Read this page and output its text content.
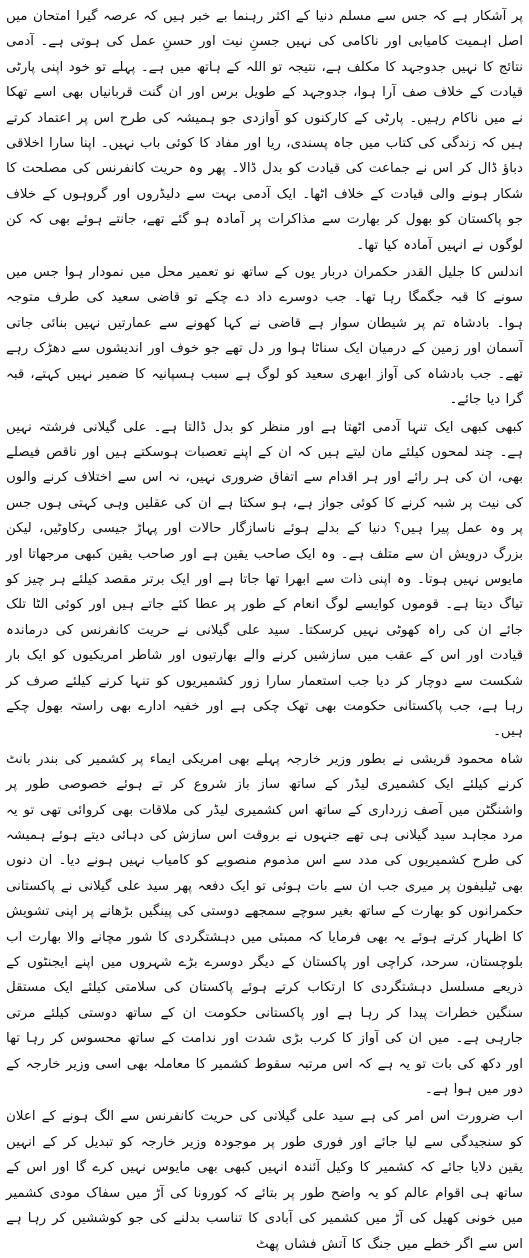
پر آشکار ہے کہ جس سے مسلم دنیا کے اکثر رہنما بے خبر ہیں کہ عرصہ گیرا امتحان میں اصل اہمیت کامیابی اور ناکامی کی نہیں جسنِ نیت اور حسنِ عمل کی ہوتی ہے۔ آدمی نتائج کا نہیں جدوجہد کا مکلف ہے، نتیجہ تو اللہ کے ہاتھ میں ہے۔ پہلے تو خود اپنی پارٹی قیادت کے خلاف صف آرا ہوا، جدوجہد کے طویل برس اور ان گنت قربانیاں بھی اسے تھکا نے میں ناکام رہیں۔ پارٹی کے کارکنوں کو آوازدی جو ہمیشہ کی طرح اس پر اعتماد کرتے ہیں کہ زندگی کی کتاب میں جاہ پسندی، ریا اور مفاد کا کوئی باب نہیں۔ اپنا سارا اخلاقی دباؤ ڈال کر اس نے جماعت کی قیادت کو بدل ڈالا۔ پھر وہ حریت کانفرنس کی مصلحت کا شکار ہونے والی قیادت کے خلاف اٹھا۔ ایک آدمی بہت سے دلیڈروں اور گروہوں کے خلاف جو پاکستان کو بھول کر بھارت سے مذاکرات پر آمادہ ہو گئے تھے، جانتے ہوئے بھی کہ کن لوگوں نے انہیں آمادہ کیا تھا۔

اندلس کا جلیل القدر حکمران دربار یوں کے ساتھ نو تعمیر محل میں نمودار ہوا جس میں سونے کا قبہ جگمگا رہا تھا۔ جب دوسرے داد دے چکے تو قاضی سعید کی طرف متوجہ ہوا۔ بادشاہ تم پر شیطان سوار ہے قاضی نے کہا کھونے سے عمارتیں نہیں بنائی جاتی آسمان اور زمین کے درمیان ایک سناٹا ہوا ور دل تھے جو خوف اور اندیشوں سے دھڑک رہے تھے۔ جب بادشاہ کی آواز ابھری سعید کو لوگ ہے سبب ہسپانیہ کا ضمیر نہیں کہتے، قبہ گرا دیا جائے۔

کبھی کبھی ایک تنہا آدمی اٹھتا ہے اور منظر کو بدل ڈالتا ہے۔ علی گیلانی فرشتہ نہیں ہے۔ چند لمحوں کیلئے مان لیتے ہیں کہ ان کے اپنے تعصبات ہوسکتے ہیں اور ناقص فیصلے بھی، ان کی ہر رائے اور ہر اقدام سے اتفاق ضروری نہیں، نہ اس سے اختلاف کرنے والوں کی نیت پر شبہ کرنے کا کوئی جواز ہے، ہو سکتا ہے ان کی عقلیں وہی کہتی ہوں جس پر وہ عمل پیرا ہیں؟ دنیا کے بدلے ہوئے ناسازگار حالات اور پہاڑ جیسی رکاوٹیں، لیکن بزرگ درویش ان سے متلف ہے۔ وہ ایک صاحب یقین ہے اور صاحب یقین کبھی مرجھاتا اور مایوس نہیں ہوتا۔ وہ اپنی ذات سے ابھرا تھا جاتا ہے اور ایک برتر مقصد کیلئے ہر چیز کو تیاگ دیتا ہے۔ قوموں کوایسے لوگ انعام کے طور پر عطا کئے جاتے ہیں اور کوئی الٹا تلک جائے ان کی راہ کھوٹی نہیں کرسکتا۔ سید علی گیلانی نے حریت کانفرنس کی درماندہ قیادت اور اس کے عقب میں سازشیں کرنے والے بھارتیوں اور شاطر امریکیوں کو ایک بار شکست سے دوچار کر دیا جب استعمار سارا زور کشمیریوں کو تنہا کرنے کیلئے صرف کر رہا ہے، جب پاکستانی حکومت بھی تھک چکی ہے اور خفیہ ادارے بھی راستہ بھول چکے ہیں۔

شاہ محمود قریشی نے بطور وزیر خارجہ پہلے بھی امریکی ایماء پر کشمیر کی بندر بانٹ کرنے کیلئے ایک کشمیری لیڈر کے ساتھ ساز باز شروع کر تے ہوئے خصوصی طور پر واشنگٹن میں آصف زرداری کے ساتھ اس کشمیری لیڈر کی ملاقات بھی کروائی تھی تو یہ مرد مجاہد سید گیلانی ہی تھے جنہوں نے بروقت اس سازش کی دہائی دیتے ہوئے ہمیشہ کی طرح کشمیریوں کی مدد سے اس مذموم منصوبے کو کامیاب نہیں ہونے دیا۔ ان دنوں بھی ٹیلیفون پر میری جب ان سے بات ہوئی تو ایک دفعہ پھر سید علی گیلانی نے پاکستانی حکمرانوں کو بھارت کے ساتھ بغیر سوچے سمجھے دوستی کی پینگیں بڑھانے پر اپنی تشویش کا اظہار کرتے ہوئے یہ بھی فرمایا کہ ممبئی میں دہشتگردی کا شور مچانے والا بھارت اب بلوچستان، سرحد، کراچی اور پاکستان کے دیگر دوسرے بڑے شہروں میں اپنے ایجنٹوں کے ذریعے مسلسل دہشتگردی کا ارتکاب کرتے ہوئے پاکستان کی سلامتی کیلئے ایک مستقل سنگین خطرات پیدا کر رہا ہے اور پاکستانی حکومت ان کے ساتھ دوستی کیلئے مرتی جارہی ہے۔ میں ان کی آواز کا کرب بڑی شدت اور ندامت کے ساتھ محسوس کر رہا تھا اور دکھ کی بات تو یہ ہے کہ اس مرتبہ سقوط کشمیر کا معاملہ بھی اسی وزیر خارجہ کے دور میں ہوا ہے۔

اب ضرورت اس امر کی ہے سید علی گیلانی کی حریت کانفرنس سے الگ ہونے کے اعلان کو سنجیدگی سے لیا جائے اور فوری طور پر موجودہ وزیر خارجہ کو تبدیل کر کے انہیں یقین دلایا جائے کہ کشمیر کا وکیل آئندہ انہیں کبھی بھی مایوس نہیں کرے گا اور اس کے ساتھ ہی اقوام عالم کو یہ واضح طور پر بتائے کہ کورونا کی آڑ میں سفاک مودی کشمیر میں خونی کھیل کی آڑ میں کشمیر کی آبادی کا تناسب بدلنے کی جو کوششیں کر رہا ہے اس سے اگر خطے میں جنگ کا آتش فشاں پھٹ
